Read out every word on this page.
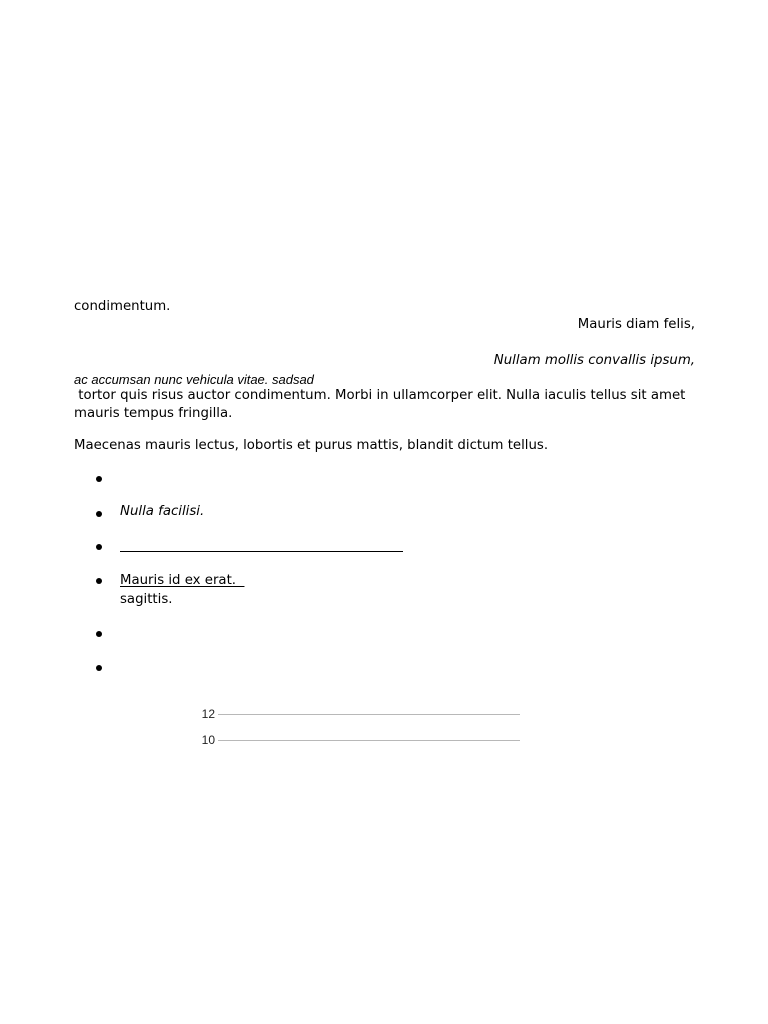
condimentum.
Mauris diam felis,
Nullam mollis convallis ipsum,
ac accumsan nunc vehicula vitae. sadsad
tortor quis risus auctor condimentum. Morbi in ullamcorper elit. Nulla iaculis tellus sit amet
mauris tempus fringilla.
Maecenas mauris lectus, lobortis et purus mattis, blandit dictum tellus.
Nulla facilisi.
Mauris id ex erat.
sagittis.
12
10
